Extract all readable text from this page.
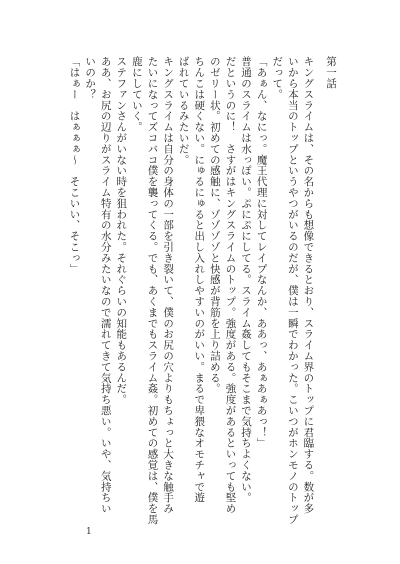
第一話
キングスライムは、その名からも想像できるとおり、スライム界のトップに君臨する。数が多
いから本当のトップというやつがいるのだが、僕は一瞬でわかった。こいつがホンモノのトップ
だって。
「あぁん、なにっ。魔王代理に対してレイプなんか、ああっ、あぁあぁあっ！」
普通のスライムは水っぽい。ぷにぷにしてる。スライム姦してもそこまで気持ちよくない。
だというのに！　さすがはキングスライムのトップ。強度がある。強度があるといっても堅め
のゼリー状。初めての感触に、ゾゾゾゾと快感が背筋を上り詰める。
ちんこは硬くない。にゅるにゅると出し入れしやすいのがいい。まるで卑猥なオモチャで遊
ばれているみたいだ。
キングスライムは自分の身体の一部を引き裂いて、僕のお尻の穴よりもちょっと大きな触手み
たいになってズコバコ僕を襲ってくる。でも、あくまでもスライム姦。初めての感覚は、僕を馬
鹿にしていく。
ステファンさんがいない時を狙われた。それぐらいの知能もあるんだ。
ああ、お尻の辺りがスライム特有の水分みたいなので濡れてきて気持ち悪い。いや、気持ちい
いのか？
「はぁー　はぁぁぁ～　そこいい、そこっ」
1
